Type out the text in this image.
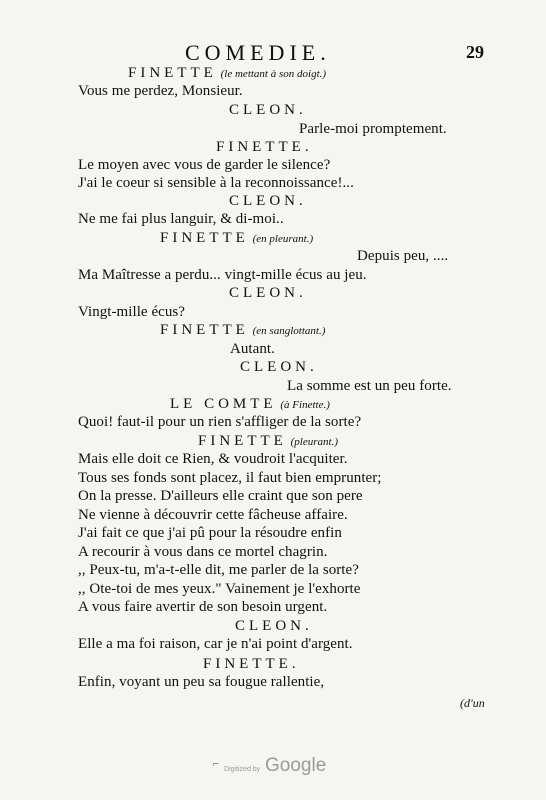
COMEDIE.	29
FINETTE (le mettant à son doigt.)
Vous me perdez, Monsieur.
CLEON.
Parle-moi promptement.
FINETTE.
Le moyen avec vous de garder le silence?
J'ai le coeur si sensible à la reconnoissance!...
CLEON.
Ne me fai plus languir, & di-moi..
FINETTE (en pleurant.)
Depuis peu, ....
Ma Maîtresse a perdu... vingt-mille écus au jeu.
CLEON.
Vingt-mille écus?
FINETTE (en sanglottant.)
Autant.
CLEON.
La somme est un peu forte.
LE COMTE (à Finette.)
Quoi! faut-il pour un rien s'affliger de la sorte?
FINETTE (pleurant.)
Mais elle doit ce Rien, & voudroit l'acquiter.
Tous ses fonds sont placez, il faut bien emprunter;
On la presse. D'ailleurs elle craint que son pere
Ne vienne à découvrir cette fâcheuse affaire.
J'ai fait ce que j'ai pû pour la résoudre enfin
A recourir à vous dans ce mortel chagrin.
,, Peux-tu, m'a-t-elle dit, me parler de la sorte?
,, Ote-toi de mes yeux." Vainement je l'exhorte
A vous faire avertir de son besoin urgent.
CLEON.
Elle a ma foi raison, car je n'ai point d'argent.
FINETTE.
Enfin, voyant un peu sa fougue rallentie,
(d'un
⌐ Digitized by Google
